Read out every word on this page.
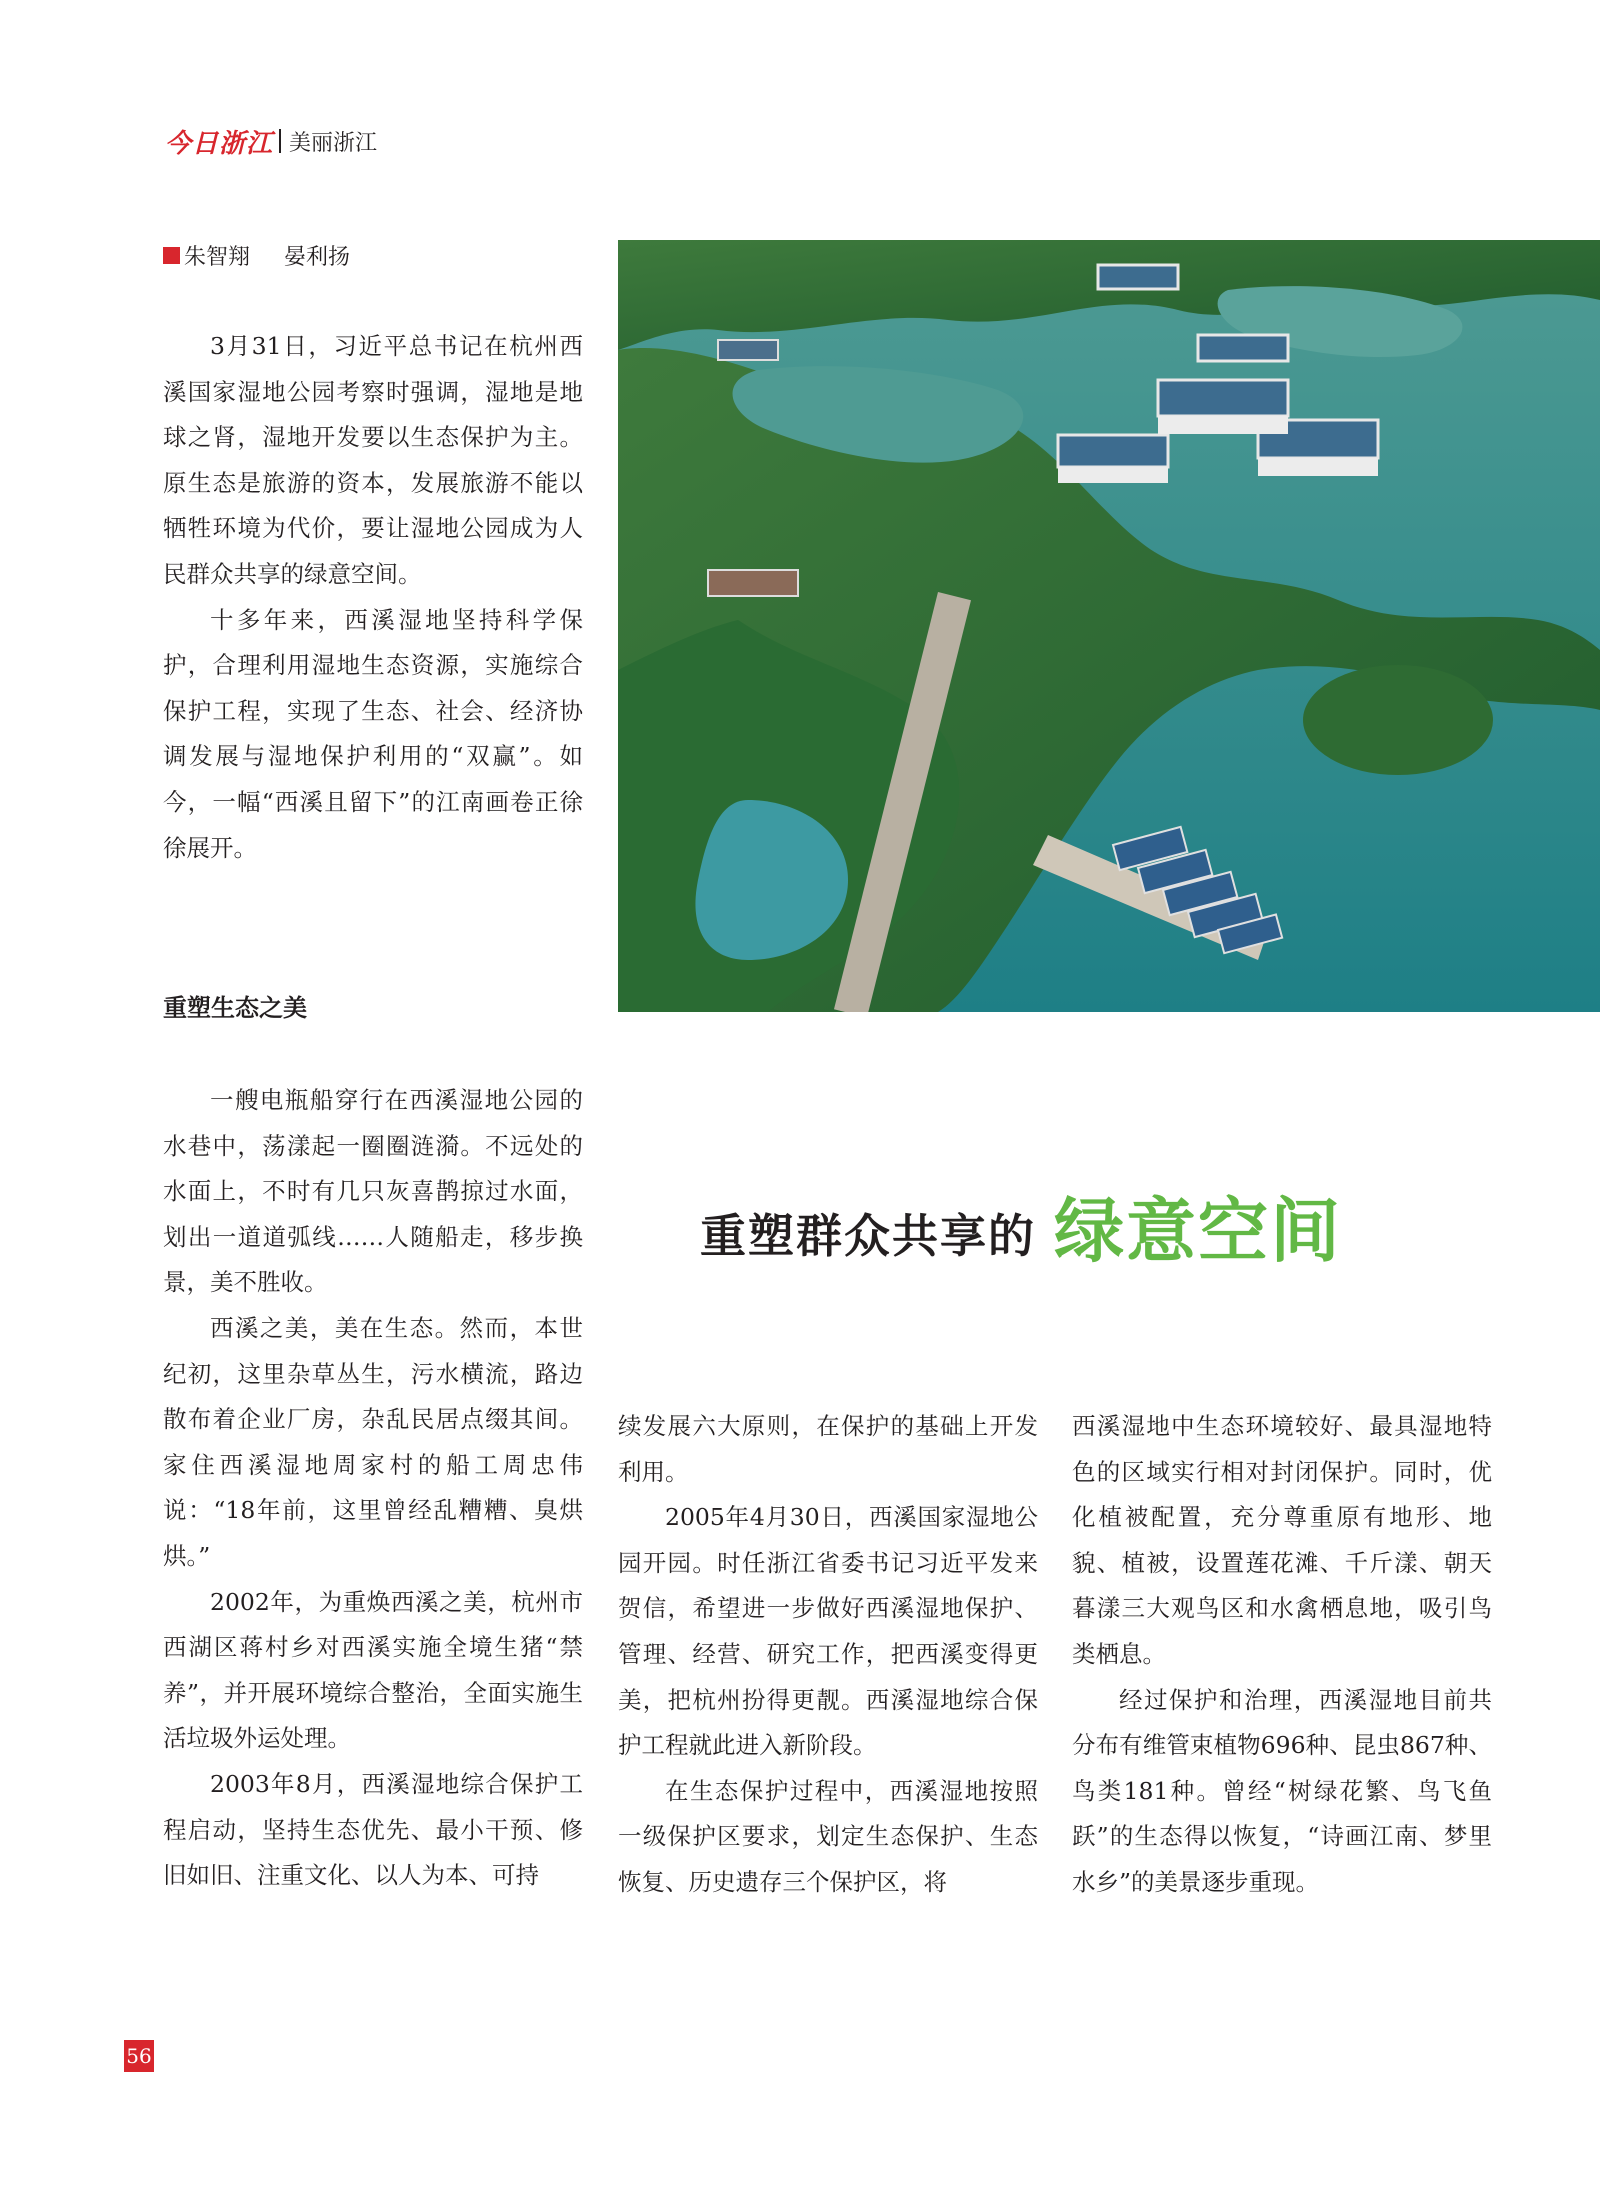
今日浙江 美丽浙江
朱智翔 晏利扬

3月31日，习近平总书记在杭州西溪国家湿地公园考察时强调，湿地是地球之肾，湿地开发要以生态保护为主。原生态是旅游的资本，发展旅游不能以牺牲环境为代价，要让湿地公园成为人民群众共享的绿意空间。

十多年来，西溪湿地坚持科学保护，合理利用湿地生态资源，实施综合保护工程，实现了生态、社会、经济协调发展与湿地保护利用的“双赢”。如今，一幅“西溪且留下”的江南画卷正徐徐展开。

重塑生态之美

一艘电瓶船穿行在西溪湿地公园的水巷中，荡漾起一圈圈涟漪。不远处的水面上，不时有几只灰喜鹊掠过水面，划出一道道弧线……人随船走，移步换景，美不胜收。

西溪之美，美在生态。然而，本世纪初，这里杂草丛生，污水横流，路边散布着企业厂房，杂乱民居点缀其间。家住西溪湿地周家村的船工周忠伟说：“18年前，这里曾经乱糟糟、臭烘烘。”

2002年，为重焕西溪之美，杭州市西湖区蒋村乡对西溪实施全境生猪“禁养”，并开展环境综合整治，全面实施生活垃圾外运处理。

2003年8月，西溪湿地综合保护工程启动，坚持生态优先、最小干预、修旧如旧、注重文化、以人为本、可持

重塑群众共享的 绿意空间

续发展六大原则，在保护的基础上开发利用。

2005年4月30日，西溪国家湿地公园开园。时任浙江省委书记习近平发来贺信，希望进一步做好西溪湿地保护、管理、经营、研究工作，把西溪变得更美，把杭州扮得更靓。西溪湿地综合保护工程就此进入新阶段。

在生态保护过程中，西溪湿地按照一级保护区要求，划定生态保护、生态恢复、历史遗存三个保护区，将

西溪湿地中生态环境较好、最具湿地特色的区域实行相对封闭保护。同时，优化植被配置，充分尊重原有地形、地貌、植被，设置莲花滩、千斤漾、朝天暮漾三大观鸟区和水禽栖息地，吸引鸟类栖息。

经过保护和治理，西溪湿地目前共分布有维管束植物696种、昆虫867种、鸟类181种。曾经“树绿花繁、鸟飞鱼跃”的生态得以恢复，“诗画江南、梦里水乡”的美景逐步重现。

56
